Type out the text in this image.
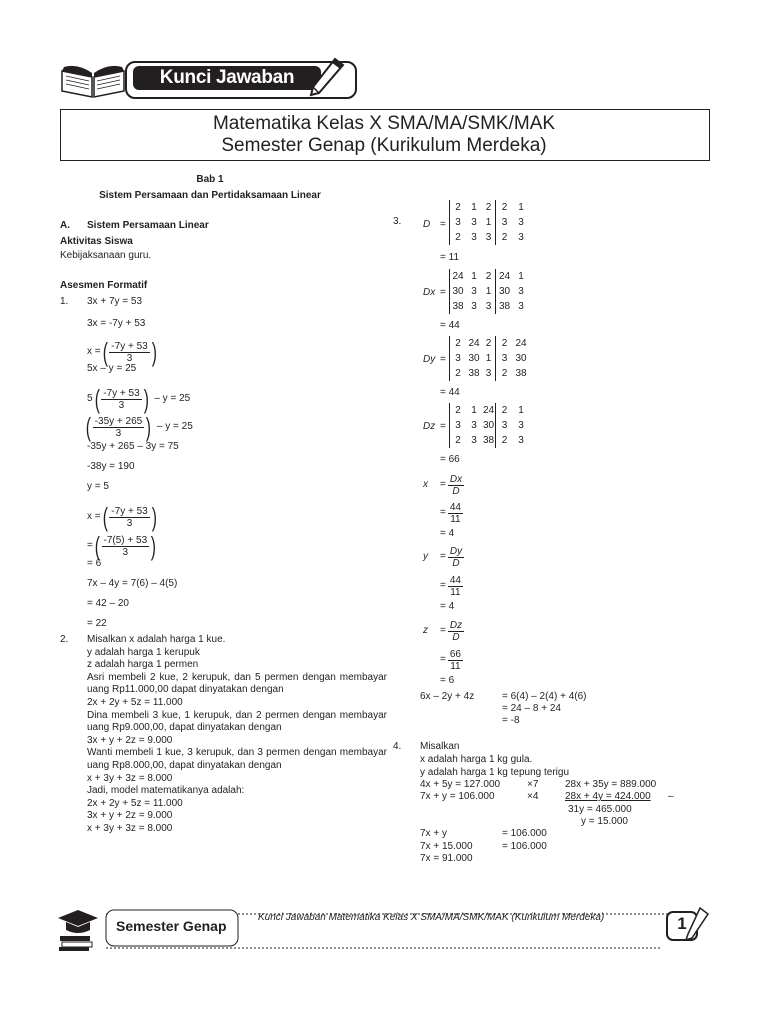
Kunci Jawaban
Matematika Kelas X SMA/MA/SMK/MAK
Semester Genap (Kurikulum Merdeka)
Bab 1
Sistem Persamaan dan Pertidaksamaan Linear
A. Sistem Persamaan Linear
Aktivitas Siswa
Kebijaksanaan guru.
Asesmen Formatif
1. 3x + 7y = 53
3x = -7y + 53
x = ( $\frac{-7y + 53}{3}$ )
5x – y = 25
5 ( $\frac{-7y + 53}{3}$ ) – y = 25
( $\frac{-35y + 265}{3}$ ) – y = 25
-35y + 265 – 3y = 75
-38y = 190
y = 5
x = ( $\frac{-7y + 53}{3}$ )
= ( $\frac{-7(5) + 53}{3}$ )
= 6
7x – 4y = 7(6) – 4(5)
= 42 – 20
= 22
2. Misalkan x adalah harga 1 kue.
y adalah harga 1 kerupuk
z adalah harga 1 permen
Asri membeli 2 kue, 2 kerupuk, dan 5 permen dengan membayar uang Rp11.000,00 dapat dinyatakan dengan
2x + 2y + 5z = 11.000
Dina membeli 3 kue, 1 kerupuk, dan 2 permen dengan membayar uang Rp9.000,00, dapat dinyatakan dengan
3x + y + 2z = 9.000
Wanti membeli 1 kue, 3 kerupuk, dan 3 permen dengan membayar uang Rp8.000,00, dapat dinyatakan dengan
x + 3y + 3z = 8.000
Jadi, model matematikanya adalah:
2x + 2y + 5z = 11.000
3x + y + 2z = 9.000
x + 3y + 3z = 8.000
3. D =
2	1 2	2	1
3	3 1	3	3
2	3 3	2	3
= 11
Dx =
24 1 2 24 1
30 3 1 30 3
38 3 3 38 3
= 44
Dy =
2 24 2	2 24
3 30 1	3 30
2 38 3	2 38
= 44
Dz =
2	1 24 2	1
3	3 30 3	3
2	3 38 2	3
= 66
$x = \frac{Dx}{D}$
= $\frac{44}{11}$
= 4
$y = \frac{Dy}{D}$
= $\frac{44}{11}$
= 4
$z = \frac{Dz}{D}$
= $\frac{66}{11}$
= 6
6x – 2y + 4z	= 6(4) – 2(4) + 4(6)
= 24 – 8 + 24
= -8
4. Misalkan
x adalah harga 1 kg gula.
y adalah harga 1 kg tepung terigu
4x + 5y = 127.000	×7	28x + 35y = 889.000
7x + y = 106.000	×4	28x + 4y = 424.000 –
31y = 465.000
y = 15.000
7x + y	= 106.000
7x + 15.000	= 106.000
7x = 91.000
Semester Genap
Kunci Jawaban Matematika Kelas X SMA/MA/SMK/MAK (Kurikulum Merdeka)	1
